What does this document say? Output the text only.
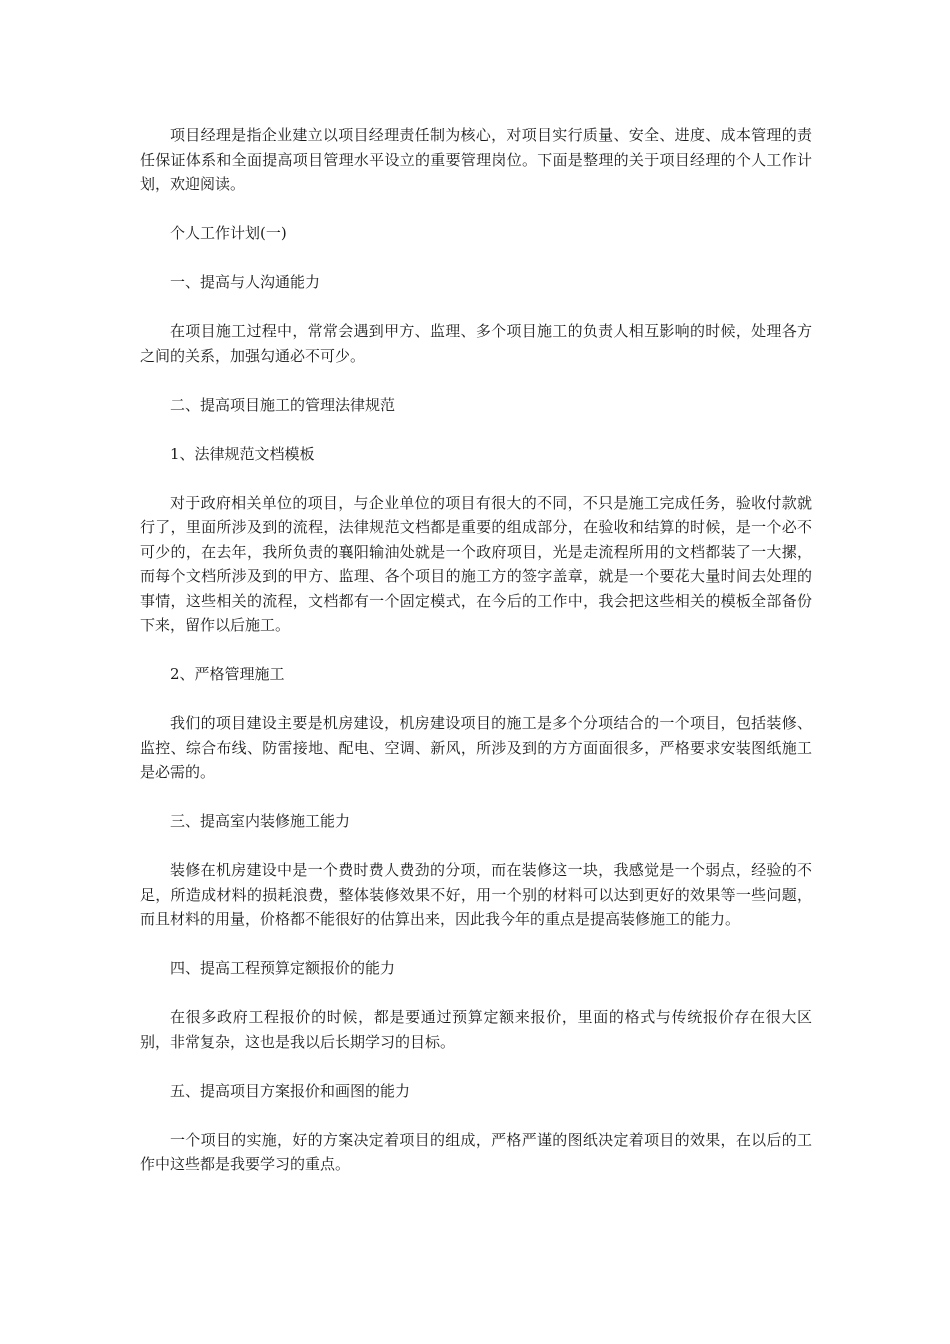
项目经理是指企业建立以项目经理责任制为核心，对项目实行质量、安全、进度、成本管理的责任保证体系和全面提高项目管理水平设立的重要管理岗位。下面是整理的关于项目经理的个人工作计划，欢迎阅读。

个人工作计划(一)

一、提高与人沟通能力

在项目施工过程中，常常会遇到甲方、监理、多个项目施工的负责人相互影响的时候，处理各方之间的关系，加强勾通必不可少。

二、提高项目施工的管理法律规范

1、法律规范文档模板

对于政府相关单位的项目，与企业单位的项目有很大的不同，不只是施工完成任务，验收付款就行了，里面所涉及到的流程，法律规范文档都是重要的组成部分，在验收和结算的时候，是一个必不可少的，在去年，我所负责的襄阳输油处就是一个政府项目，光是走流程所用的文档都装了一大摞，而每个文档所涉及到的甲方、监理、各个项目的施工方的签字盖章，就是一个要花大量时间去处理的事情，这些相关的流程，文档都有一个固定模式，在今后的工作中，我会把这些相关的模板全部备份下来，留作以后施工。

2、严格管理施工

我们的项目建设主要是机房建设，机房建设项目的施工是多个分项结合的一个项目，包括装修、监控、综合布线、防雷接地、配电、空调、新风，所涉及到的方方面面很多，严格要求安装图纸施工是必需的。

三、提高室内装修施工能力

装修在机房建设中是一个费时费人费劲的分项，而在装修这一块，我感觉是一个弱点，经验的不足，所造成材料的损耗浪费，整体装修效果不好，用一个别的材料可以达到更好的效果等一些问题，而且材料的用量，价格都不能很好的估算出来，因此我今年的重点是提高装修施工的能力。

四、提高工程预算定额报价的能力

在很多政府工程报价的时候，都是要通过预算定额来报价，里面的格式与传统报价存在很大区别，非常复杂，这也是我以后长期学习的目标。

五、提高项目方案报价和画图的能力

一个项目的实施，好的方案决定着项目的组成，严格严谨的图纸决定着项目的效果，在以后的工作中这些都是我要学习的重点。
